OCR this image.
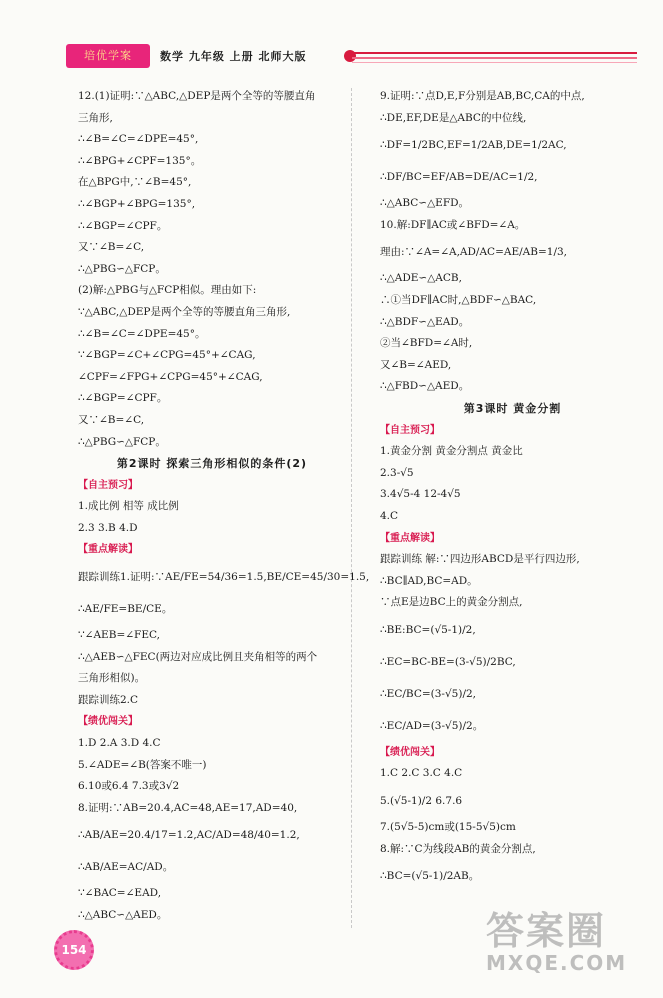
培优学案	数学 九年级 上册 北师大版
12.(1)证明:∵△ABC,△DEP是两个全等的等腰直角
三角形,
∴∠B=∠C=∠DPE=45°,
∴∠BPG+∠CPF=135°。
在△BPG中,∵∠B=45°,
∴∠BGP+∠BPG=135°,
∴∠BGP=∠CPF。
又∵∠B=∠C,
∴△PBG∽△FCP。
(2)解:△PBG与△FCP相似。理由如下:
∵△ABC,△DEP是两个全等的等腰直角三角形,
∴∠B=∠C=∠DPE=45°。
∵∠BGP=∠C+∠CPG=45°+∠CAG,
∠CPF=∠FPG+∠CPG=45°+∠CAG,
∴∠BGP=∠CPF。
又∵∠B=∠C,
∴△PBG∽△FCP。
第2课时 探索三角形相似的条件(2)
【自主预习】
1.成比例 相等 成比例
2.3 3.B 4.D
【重点解读】
跟踪训练1.证明:∵AE/FE=54/36=1.5,BE/CE=45/30=1.5,
∴AE/FE=BE/CE。
∵∠AEB=∠FEC,
∴△AEB∽△FEC(两边对应成比例且夹角相等的两个
三角形相似)。
跟踪训练2.C
【绩优闯关】
1.D 2.A 3.D 4.C
5.∠ADE=∠B(答案不唯一)
6.10或6.4 7.3或3√2
8.证明:∵AB=20.4,AC=48,AE=17,AD=40,
∴AB/AE=20.4/17=1.2,AC/AD=48/40=1.2,
∴AB/AE=AC/AD。
∵∠BAC=∠EAD,
∴△ABC∽△AED。
9.证明:∵点D,E,F分别是AB,BC,CA的中点,
∴DE,EF,DE是△ABC的中位线,
∴DF=1/2BC,EF=1/2AB,DE=1/2AC,
∴DF/BC=EF/AB=DE/AC=1/2,
∴△ABC∽△EFD。
10.解:DF∥AC或∠BFD=∠A。
理由:∵∠A=∠A,AD/AC=AE/AB=1/3,
∴△ADE∽△ACB,
∴①当DF∥AC时,△BDF∽△BAC,
∴△BDF∽△EAD。
②当∠BFD=∠A时,
又∠B=∠AED,
∴△FBD∽△AED。
第3课时 黄金分割
【自主预习】
1.黄金分割 黄金分割点 黄金比
2.3-√5
3.4√5-4 12-4√5
4.C
【重点解读】
跟踪训练 解:∵四边形ABCD是平行四边形,
∴BC∥AD,BC=AD。
∵点E是边BC上的黄金分割点,
∴BE:BC=(√5-1)/2,
∴EC=BC-BE=(3-√5)/2BC,
∴EC/BC=(3-√5)/2,
∴EC/AD=(3-√5)/2。
【绩优闯关】
1.C 2.C 3.C 4.C
5.(√5-1)/2 6.7.6
7.(5√5-5)cm或(15-5√5)cm
8.解:∵C为线段AB的黄金分割点,
∴BC=(√5-1)/2AB。
154	答案圈
MXQE.COM
